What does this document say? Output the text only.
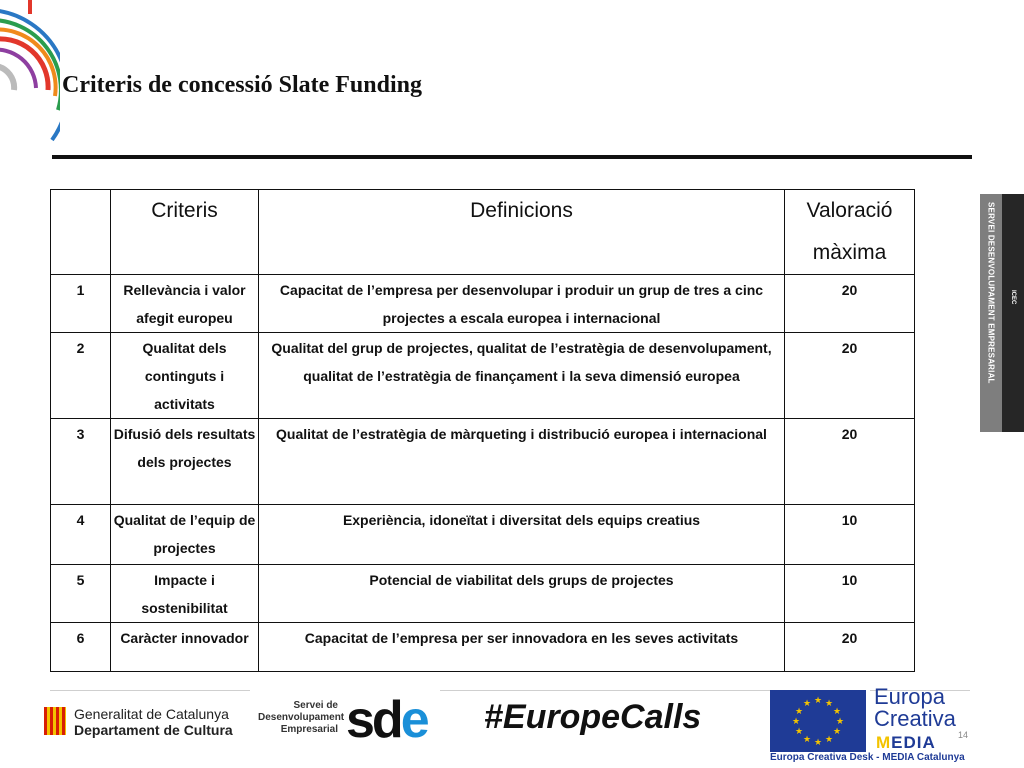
Criteris de concessió Slate Funding
SERVEI DESENVOLUPAMENT EMPRESARIAL ICEC

	Criteris	Definicions	Valoració
màxima

1	Rellevància i valor afegit europeu	Capacitat de l’empresa per desenvolupar i produir un grup de tres a cinc projectes a escala europea i internacional	20
2	Qualitat dels continguts i activitats	Qualitat del grup de projectes, qualitat de l’estratègia de desenvolupament, qualitat de l’estratègia de finançament i la seva dimensió europea	20
3	Difusió dels resultats dels projectes	Qualitat de l’estratègia de màrqueting i distribució europea i internacional	20
4	Qualitat de l’equip de projectes	Experiència, idoneïtat i diversitat dels equips creatius	10
5	Impacte i sostenibilitat	Potencial de viabilitat dels grups de projectes	10
6	Caràcter innovador	Capacitat de l’empresa per ser innovadora en les seves activitats	20
Generalitat de Catalunya
Departament de Cultura
Servei de
Desenvolupament
Empresarial sde #EuropeCalls	★ ★
★
★
★
★
★
★
★
★
★
★	Europa
Creativa
MEDIA 14
Europa Creativa Desk - MEDIA Catalunya
